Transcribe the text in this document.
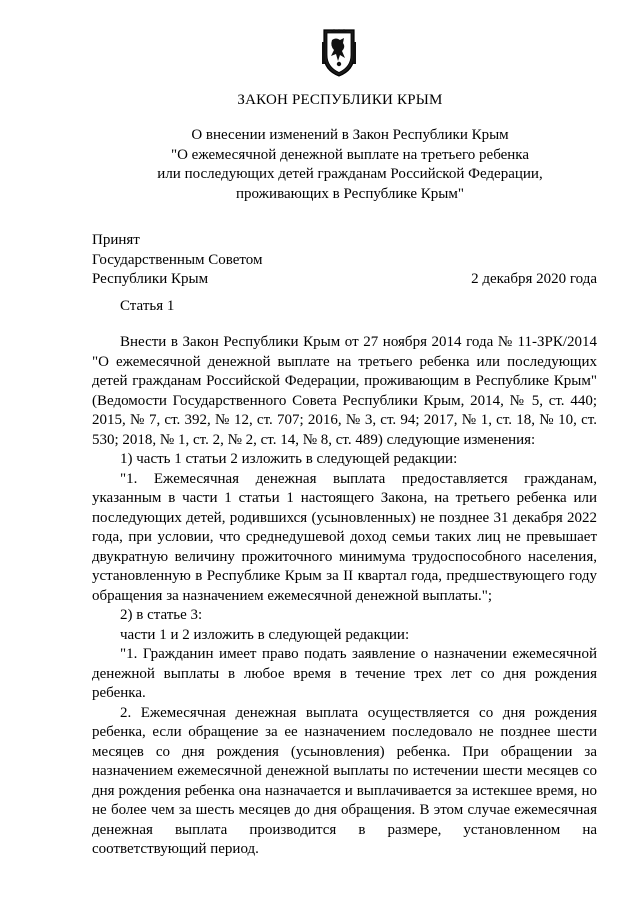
ЗАКОН РЕСПУБЛИКИ КРЫМ
О внесении изменений в Закон Республики Крым
"О ежемесячной денежной выплате на третьего ребенка
или последующих детей гражданам Российской Федерации,
проживающих в Республике Крым"
Принят
Государственным Советом
Республики Крым	2 декабря 2020 года
Статья 1

Внести в Закон Республики Крым от 27 ноября 2014 года № 11-ЗРК/2014 "О ежемесячной денежной выплате на третьего ребенка или последующих детей гражданам Российской Федерации, проживающим в Республике Крым" (Ведомости Государственного Совета Республики Крым, 2014, № 5, ст. 440; 2015, № 7, ст. 392, № 12, ст. 707; 2016, № 3, ст. 94; 2017, № 1, ст. 18, № 10, ст. 530; 2018, № 1, ст. 2, № 2, ст. 14, № 8, ст. 489) следующие изменения:

1) часть 1 статьи 2 изложить в следующей редакции:

"1. Ежемесячная денежная выплата предоставляется гражданам, указанным в части 1 статьи 1 настоящего Закона, на третьего ребенка или последующих детей, родившихся (усыновленных) не позднее 31 декабря 2022 года, при условии, что среднедушевой доход семьи таких лиц не превышает двукратную величину прожиточного минимума трудоспособного населения, установленную в Республике Крым за II квартал года, предшествующего году обращения за назначением ежемесячной денежной выплаты.";

2) в статье 3:

части 1 и 2 изложить в следующей редакции:

"1. Гражданин имеет право подать заявление о назначении ежемесячной денежной выплаты в любое время в течение трех лет со дня рождения ребенка.

2. Ежемесячная денежная выплата осуществляется со дня рождения ребенка, если обращение за ее назначением последовало не позднее шести месяцев со дня рождения (усыновления) ребенка. При обращении за назначением ежемесячной денежной выплаты по истечении шести месяцев со дня рождения ребенка она назначается и выплачивается за истекшее время, но не более чем за шесть месяцев до дня обращения. В этом случае ежемесячная денежная выплата производится в размере, установленном на соответствующий период.
